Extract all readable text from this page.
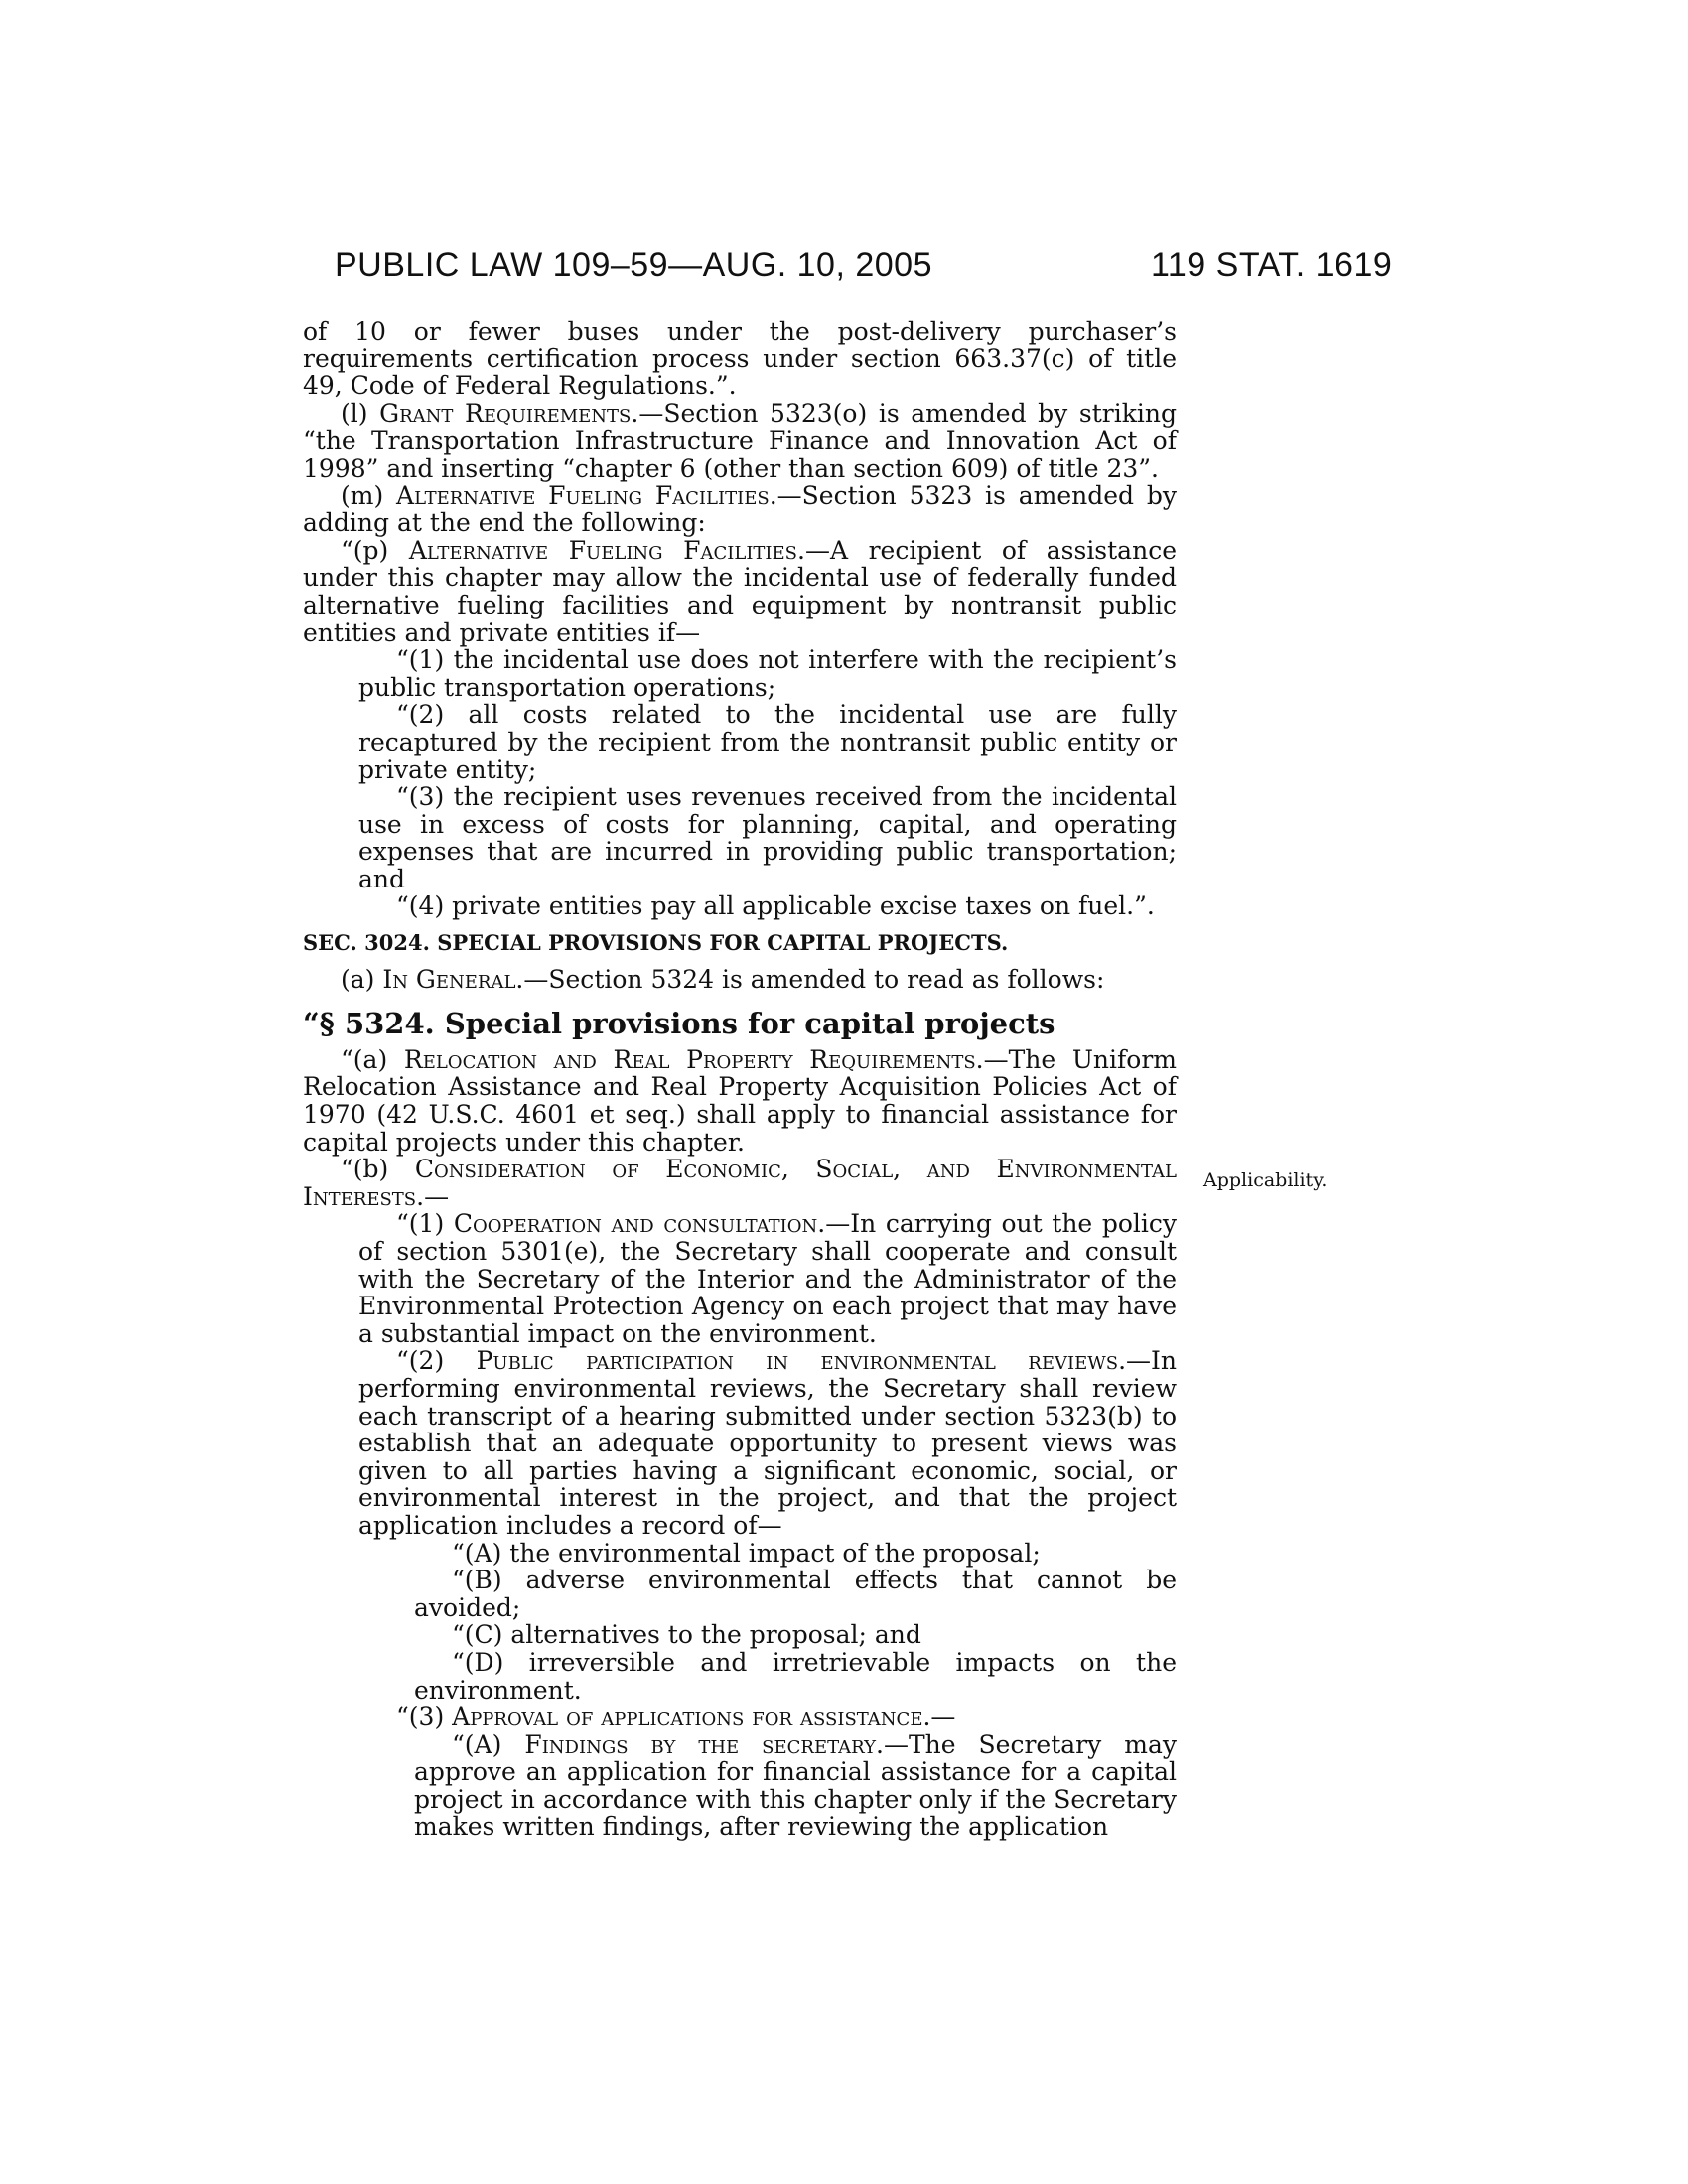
PUBLIC LAW 109–59—AUG. 10, 2005	119 STAT. 1619
Applicability.

of 10 or fewer buses under the post-delivery purchaser’s requirements certification process under section 663.37(c) of title 49, Code of Federal Regulations.”.

(l) Grant Requirements.—Section 5323(o) is amended by striking “the Transportation Infrastructure Finance and Innovation Act of 1998” and inserting “chapter 6 (other than section 609) of title 23”.

(m) Alternative Fueling Facilities.—Section 5323 is amended by adding at the end the following:

“(p) Alternative Fueling Facilities.—A recipient of assistance under this chapter may allow the incidental use of federally funded alternative fueling facilities and equipment by nontransit public entities and private entities if—

“(1) the incidental use does not interfere with the recipient’s public transportation operations;

“(2) all costs related to the incidental use are fully recaptured by the recipient from the nontransit public entity or private entity;

“(3) the recipient uses revenues received from the incidental use in excess of costs for planning, capital, and operating expenses that are incurred in providing public transportation; and

“(4) private entities pay all applicable excise taxes on fuel.”.

SEC. 3024. SPECIAL PROVISIONS FOR CAPITAL PROJECTS.

(a) In General.—Section 5324 is amended to read as follows:

“§ 5324. Special provisions for capital projects

“(a) Relocation and Real Property Requirements.—The Uniform Relocation Assistance and Real Property Acquisition Policies Act of 1970 (42 U.S.C. 4601 et seq.) shall apply to financial assistance for capital projects under this chapter.

“(b) Consideration of Economic, Social, and Environmental Interests.—

“(1) Cooperation and consultation.—In carrying out the policy of section 5301(e), the Secretary shall cooperate and consult with the Secretary of the Interior and the Administrator of the Environmental Protection Agency on each project that may have a substantial impact on the environment.

“(2) Public participation in environmental reviews.—In performing environmental reviews, the Secretary shall review each transcript of a hearing submitted under section 5323(b) to establish that an adequate opportunity to present views was given to all parties having a significant economic, social, or environmental interest in the project, and that the project application includes a record of—

“(A) the environmental impact of the proposal;

“(B) adverse environmental effects that cannot be avoided;

“(C) alternatives to the proposal; and

“(D) irreversible and irretrievable impacts on the environment.

“(3) Approval of applications for assistance.—

“(A) Findings by the secretary.—The Secretary may approve an application for financial assistance for a capital project in accordance with this chapter only if the Secretary makes written findings, after reviewing the application
